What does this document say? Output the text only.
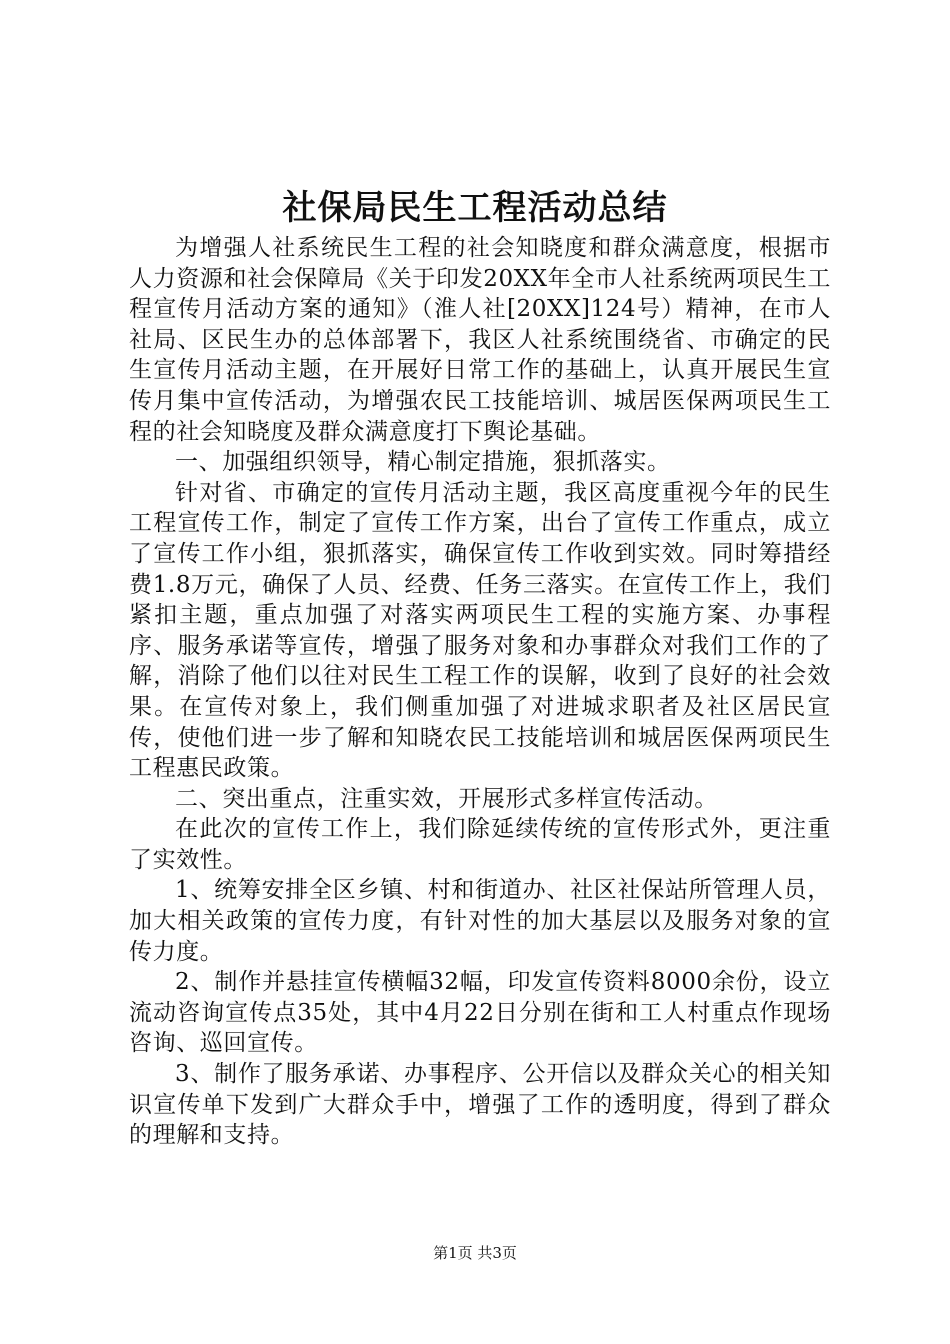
社保局民生工程活动总结

为增强人社系统民生工程的社会知晓度和群众满意度，根据市人力资源和社会保障局《关于印发20XX年全市人社系统两项民生工程宣传月活动方案的通知》（淮人社[20XX]124号）精神，在市人社局、区民生办的总体部署下，我区人社系统围绕省、市确定的民生宣传月活动主题，在开展好日常工作的基础上，认真开展民生宣传月集中宣传活动，为增强农民工技能培训、城居医保两项民生工程的社会知晓度及群众满意度打下舆论基础。

一、加强组织领导，精心制定措施，狠抓落实。

针对省、市确定的宣传月活动主题，我区高度重视今年的民生工程宣传工作，制定了宣传工作方案，出台了宣传工作重点，成立了宣传工作小组，狠抓落实，确保宣传工作收到实效。同时筹措经费1.8万元，确保了人员、经费、任务三落实。在宣传工作上，我们紧扣主题，重点加强了对落实两项民生工程的实施方案、办事程序、服务承诺等宣传，增强了服务对象和办事群众对我们工作的了解，消除了他们以往对民生工程工作的误解，收到了良好的社会效果。在宣传对象上，我们侧重加强了对进城求职者及社区居民宣传，使他们进一步了解和知晓农民工技能培训和城居医保两项民生工程惠民政策。

二、突出重点，注重实效，开展形式多样宣传活动。

在此次的宣传工作上，我们除延续传统的宣传形式外，更注重了实效性。

1、统筹安排全区乡镇、村和街道办、社区社保站所管理人员，加大相关政策的宣传力度，有针对性的加大基层以及服务对象的宣传力度。

2、制作并悬挂宣传横幅32幅，印发宣传资料8000余份，设立流动咨询宣传点35处，其中4月22日分别在街和工人村重点作现场咨询、巡回宣传。

3、制作了服务承诺、办事程序、公开信以及群众关心的相关知识宣传单下发到广大群众手中，增强了工作的透明度，得到了群众的理解和支持。

第1页 共3页
